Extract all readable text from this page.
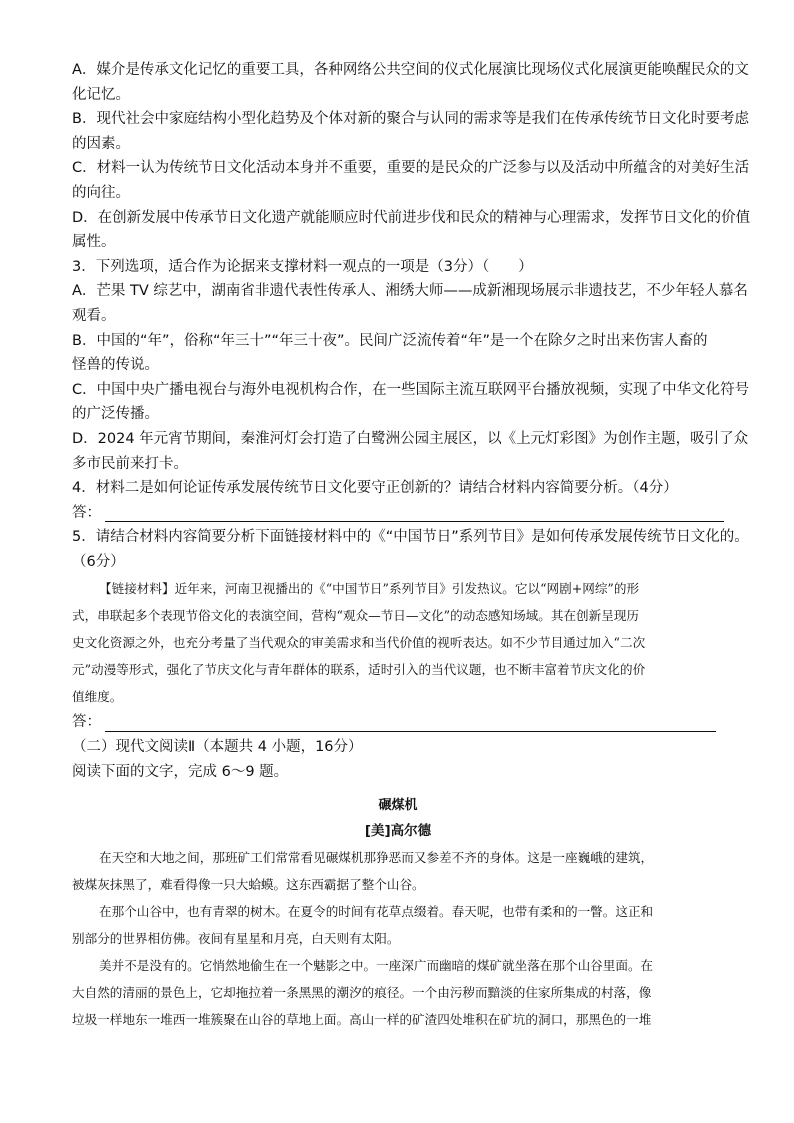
A．媒介是传承文化记忆的重要工具，各种网络公共空间的仪式化展演比现场仪式化展演更能唤醒民众的文
化记忆。
B．现代社会中家庭结构小型化趋势及个体对新的聚合与认同的需求等是我们在传承传统节日文化时要考虑
的因素。
C．材料一认为传统节日文化活动本身并不重要，重要的是民众的广泛参与以及活动中所蕴含的对美好生活
的向往。
D．在创新发展中传承节日文化遗产就能顺应时代前进步伐和民众的精神与心理需求，发挥节日文化的价值
属性。
3．下列选项，适合作为论据来支撑材料一观点的一项是（3分）（　　）
A．芒果 TV 综艺中，湖南省非遗代表性传承人、湘绣大师——成新湘现场展示非遗技艺，不少年轻人慕名
观看。
B．中国的“年”，俗称“年三十”“年三十夜”。民间广泛流传着“年”是一个在除夕之时出来伤害人畜的
怪兽的传说。
C．中国中央广播电视台与海外电视机构合作，在一些国际主流互联网平台播放视频，实现了中华文化符号
的广泛传播。
D．2024 年元宵节期间，秦淮河灯会打造了白鹭洲公园主展区，以《上元灯彩图》为创作主题，吸引了众
多市民前来打卡。
4．材料二是如何论证传承发展传统节日文化要守正创新的？请结合材料内容简要分析。（4分）
答：
5．请结合材料内容简要分析下面链接材料中的《“中国节日”系列节目》是如何传承发展传统节日文化的。
（6分）
【链接材料】近年来，河南卫视播出的《“中国节日”系列节目》引发热议。它以“网剧+网综”的形
式，串联起多个表现节俗文化的表演空间，营构“观众—节日—文化”的动态感知场域。其在创新呈现历
史文化资源之外，也充分考量了当代观众的审美需求和当代价值的视听表达。如不少节目通过加入“二次
元”动漫等形式，强化了节庆文化与青年群体的联系，适时引入的当代议题，也不断丰富着节庆文化的价
值维度。
答：
（二）现代文阅读Ⅱ（本题共 4 小题，16分）
阅读下面的文字，完成 6～9 题。
碾煤机
[美]高尔德
在天空和大地之间，那班矿工们常常看见碾煤机那狰恶而又参差不齐的身体。这是一座巍峨的建筑，
被煤灰抹黑了，难看得像一只大蛤蟆。这东西霸据了整个山谷。
在那个山谷中，也有青翠的树木。在夏令的时间有花草点缀着。春天呢，也带有柔和的一瞥。这正和
别部分的世界相仿佛。夜间有星星和月亮，白天则有太阳。
美并不是没有的。它悄然地偷生在一个魅影之中。一座深广而幽暗的煤矿就坐落在那个山谷里面。在
大自然的清丽的景色上，它却拖拉着一条黑黑的潮汐的痕径。一个由污秽而黯淡的住家所集成的村落，像
垃圾一样地东一堆西一堆簇聚在山谷的草地上面。高山一样的矿渣四处堆积在矿坑的洞口，那黑色的一堆
